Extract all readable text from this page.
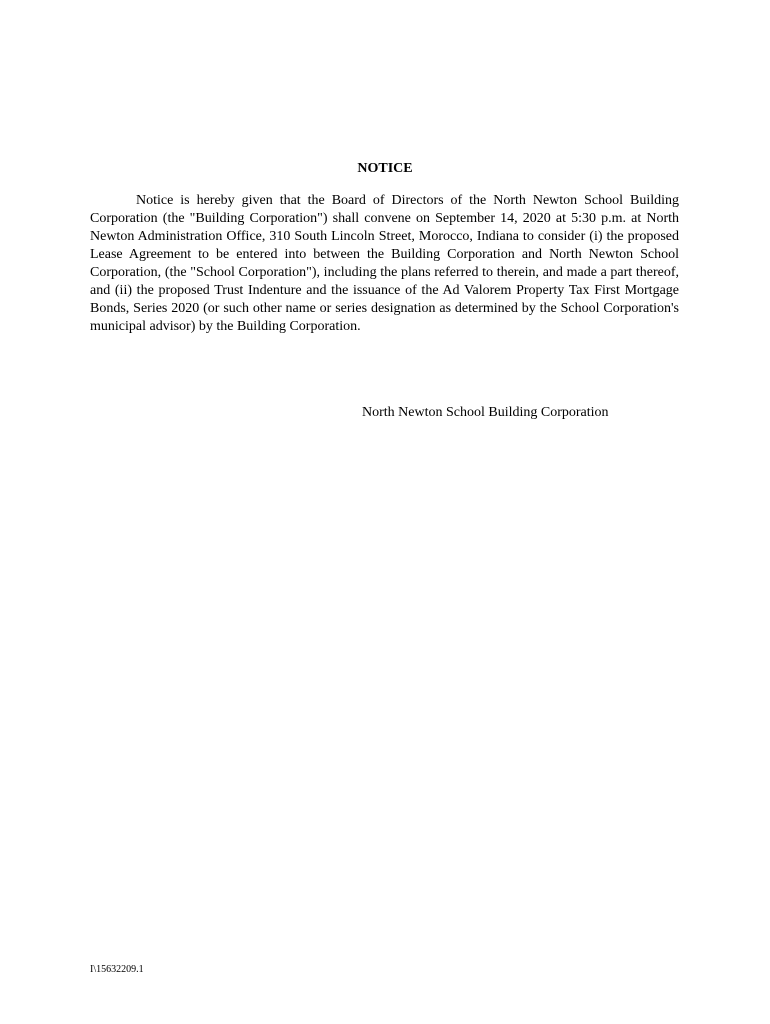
NOTICE

Notice is hereby given that the Board of Directors of the North Newton School Building Corporation (the "Building Corporation") shall convene on September 14, 2020 at 5:30 p.m. at North Newton Administration Office, 310 South Lincoln Street, Morocco, Indiana to consider (i) the proposed Lease Agreement to be entered into between the Building Corporation and North Newton School Corporation, (the "School Corporation"), including the plans referred to therein, and made a part thereof, and (ii) the proposed Trust Indenture and the issuance of the Ad Valorem Property Tax First Mortgage Bonds, Series 2020 (or such other name or series designation as determined by the School Corporation's municipal advisor) by the Building Corporation.

North Newton School Building Corporation
I\15632209.1
